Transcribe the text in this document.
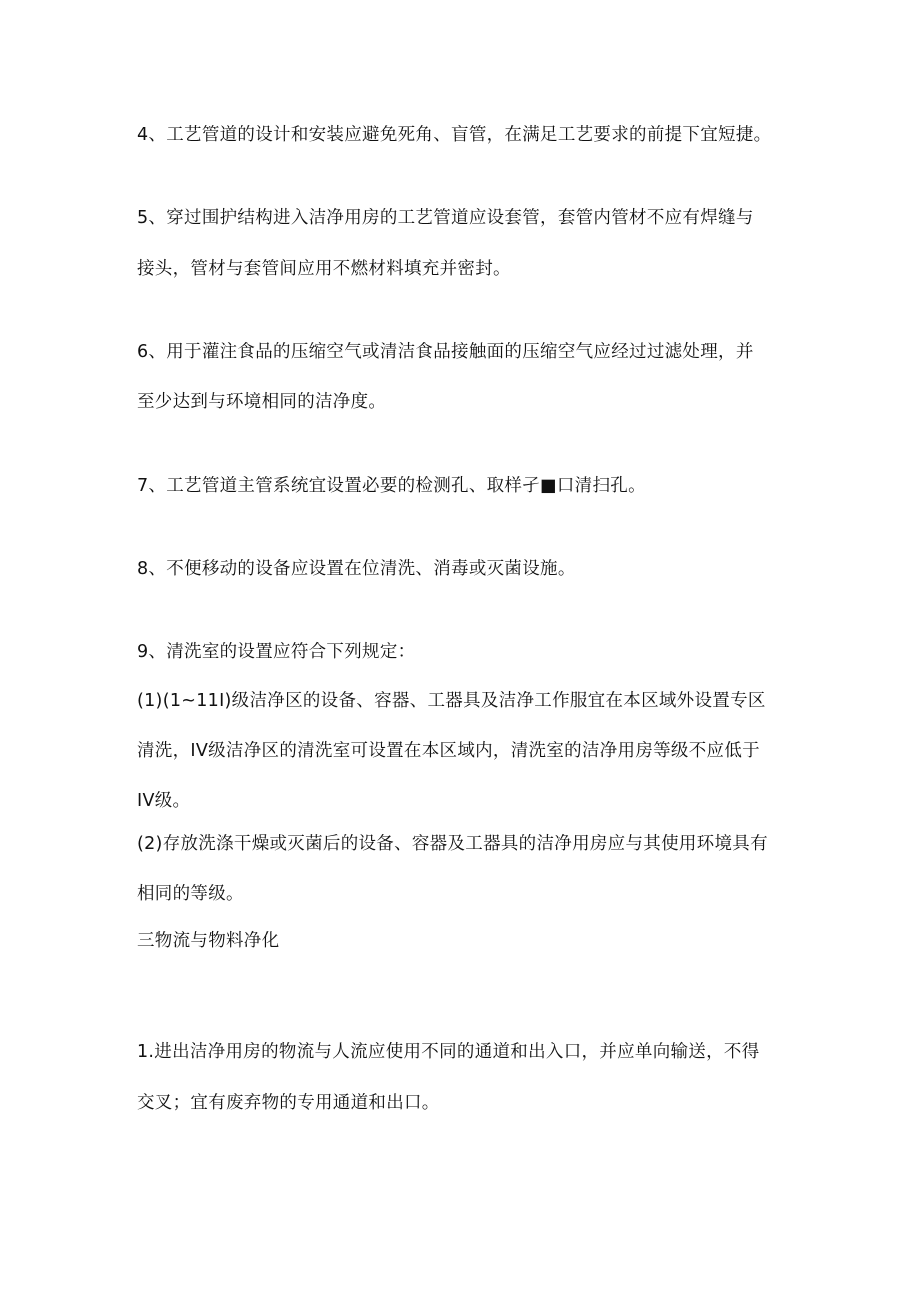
4、工艺管道的设计和安装应避免死角、盲管，在满足工艺要求的前提下宜短捷。
5、穿过围护结构进入洁净用房的工艺管道应设套管，套管内管材不应有焊缝与
接头，管材与套管间应用不燃材料填充并密封。
6、用于灌注食品的压缩空气或清洁食品接触面的压缩空气应经过过滤处理，并
至少达到与环境相同的洁净度。
7、工艺管道主管系统宜设置必要的检测孔、取样孑■口清扫孔。
8、不便移动的设备应设置在位清洗、消毒或灭菌设施。
9、清洗室的设置应符合下列规定：
(1)(1~11I)级洁净区的设备、容器、工器具及洁净工作服宜在本区域外设置专区
清洗，IV级洁净区的清洗室可设置在本区域内，清洗室的洁净用房等级不应低于
IV级。
(2)存放洗涤干燥或灭菌后的设备、容器及工器具的洁净用房应与其使用环境具有
相同的等级。
三物流与物料净化
1.进出洁净用房的物流与人流应使用不同的通道和出入口，并应单向输送，不得
交叉；宜有废弃物的专用通道和出口。
